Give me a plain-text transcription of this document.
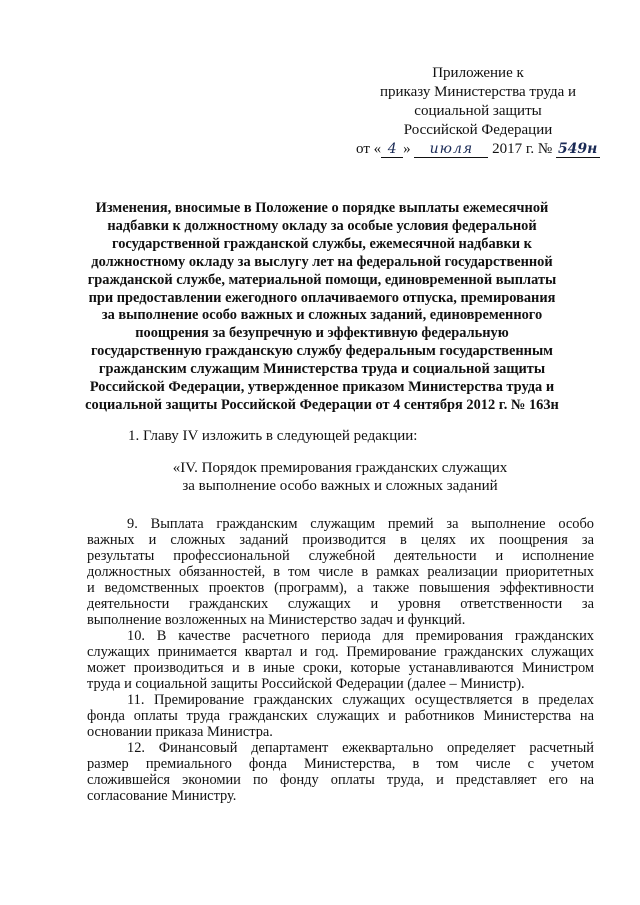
Приложение к
приказу Министерства труда и
социальной защиты
Российской Федерации
от « 4 » июля 2017 г. № 549н
Изменения, вносимые в Положение о порядке выплаты ежемесячной
надбавки к должностному окладу за особые условия федеральной
государственной гражданской службы, ежемесячной надбавки к
должностному окладу за выслугу лет на федеральной государственной
гражданской службе, материальной помощи, единовременной выплаты
при предоставлении ежегодного оплачиваемого отпуска, премирования
за выполнение особо важных и сложных заданий, единовременного
поощрения за безупречную и эффективную федеральную
государственную гражданскую службу федеральным государственным
гражданским служащим Министерства труда и социальной защиты
Российской Федерации, утвержденное приказом Министерства труда и
социальной защиты Российской Федерации от 4 сентября 2012 г. № 163н
1. Главу IV изложить в следующей редакции:
«IV. Порядок премирования гражданских служащих
за выполнение особо важных и сложных заданий
9. Выплата гражданским служащим премий за выполнение особо
важных и сложных заданий производится в целях их поощрения за
результаты профессиональной служебной деятельности и исполнение
должностных обязанностей, в том числе в рамках реализации приоритетных
и ведомственных проектов (программ), а также повышения эффективности
деятельности гражданских служащих и уровня ответственности за
выполнение возложенных на Министерство задач и функций.
10. В качестве расчетного периода для премирования гражданских
служащих принимается квартал и год. Премирование гражданских служащих
может производиться и в иные сроки, которые устанавливаются Министром
труда и социальной защиты Российской Федерации (далее – Министр).
11. Премирование гражданских служащих осуществляется в пределах
фонда оплаты труда гражданских служащих и работников Министерства на
основании приказа Министра.
12. Финансовый департамент ежеквартально определяет расчетный
размер премиального фонда Министерства, в том числе с учетом
сложившейся экономии по фонду оплаты труда, и представляет его на
согласование Министру.
